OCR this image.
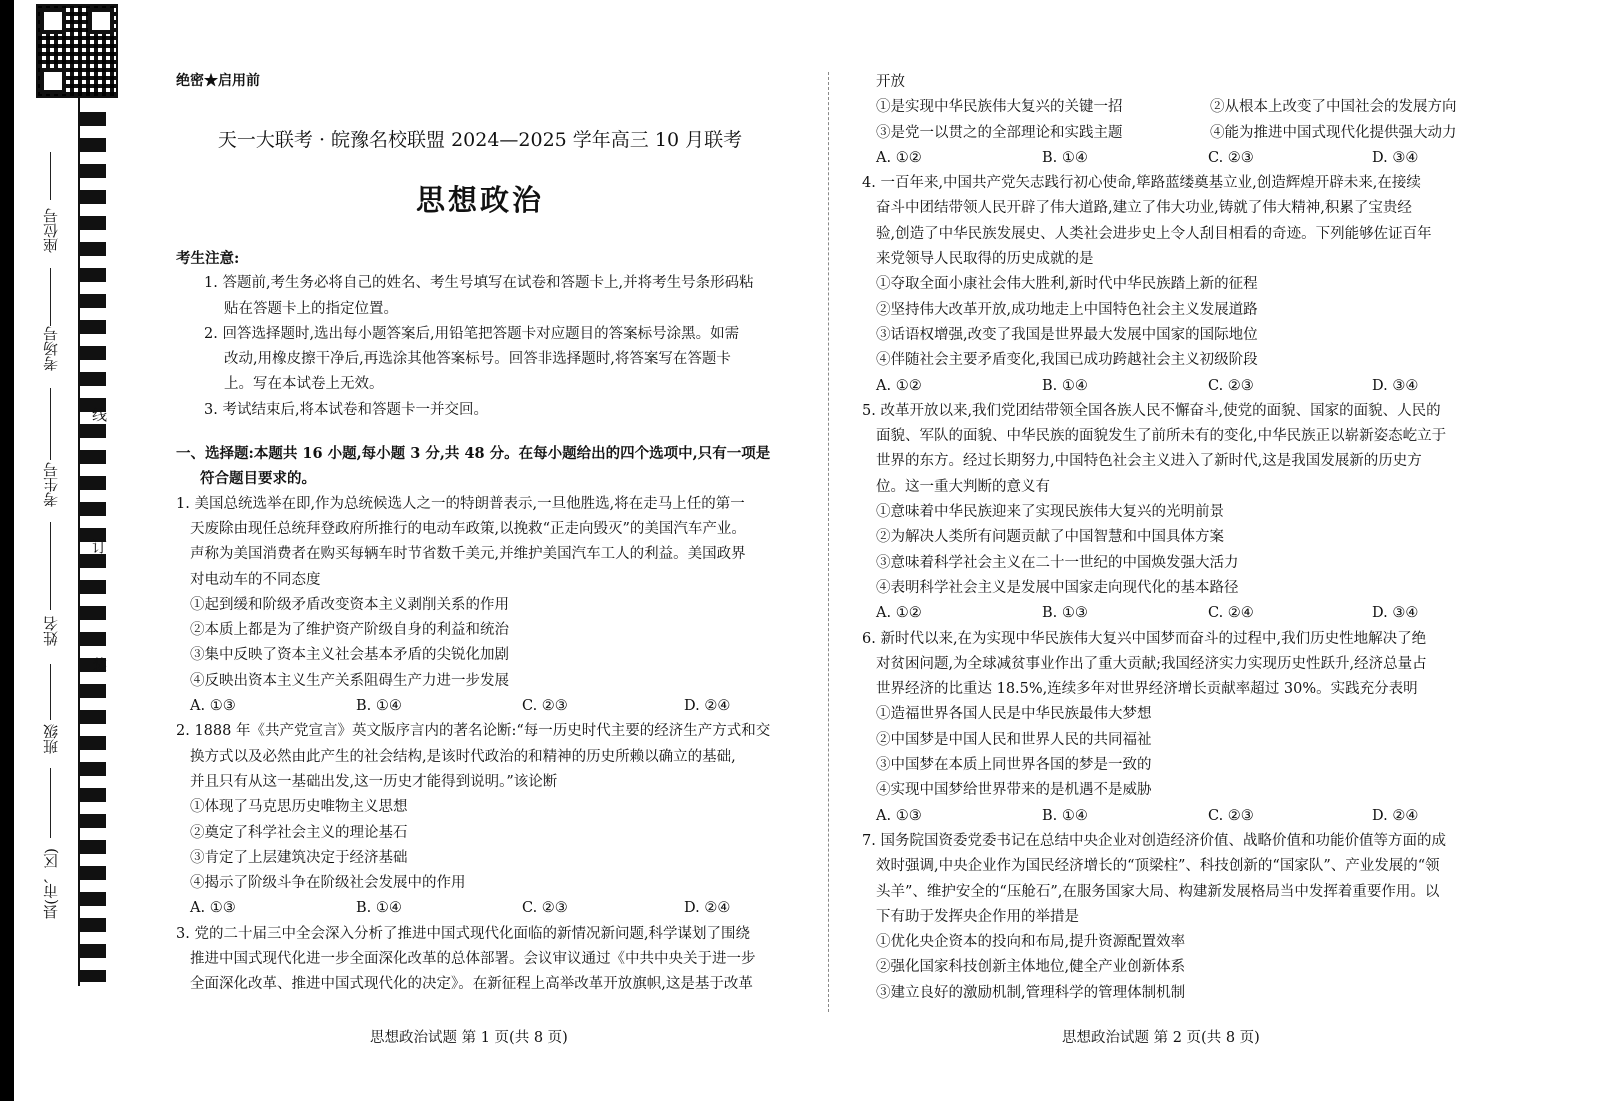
座位号
考场号
考生号
姓名
班级
县(市、区)
线
订
装
绝密★启用前
天一大联考 · 皖豫名校联盟 2024—2025 学年高三 10 月联考
思想政治

考生注意:

1. 答题前,考生务必将自己的姓名、考生号填写在试卷和答题卡上,并将考生号条形码粘

贴在答题卡上的指定位置。

2. 回答选择题时,选出每小题答案后,用铅笔把答题卡对应题目的答案标号涂黑。如需

改动,用橡皮擦干净后,再选涂其他答案标号。回答非选择题时,将答案写在答题卡

上。写在本试卷上无效。

3. 考试结束后,将本试卷和答题卡一并交回。

一、选择题:本题共 16 小题,每小题 3 分,共 48 分。在每小题给出的四个选项中,只有一项是

符合题目要求的。

1. 美国总统选举在即,作为总统候选人之一的特朗普表示,一旦他胜选,将在走马上任的第一

天废除由现任总统拜登政府所推行的电动车政策,以挽救“正走向毁灭”的美国汽车产业。

声称为美国消费者在购买每辆车时节省数千美元,并维护美国汽车工人的利益。美国政界

对电动车的不同态度

①起到缓和阶级矛盾改变资本主义剥削关系的作用

②本质上都是为了维护资产阶级自身的利益和统治

③集中反映了资本主义社会基本矛盾的尖锐化加剧

④反映出资本主义生产关系阻碍生产力进一步发展

A. ①③	B. ①④	C. ②③	D. ②④

2. 1888 年《共产党宣言》英文版序言内的著名论断:“每一历史时代主要的经济生产方式和交

换方式以及必然由此产生的社会结构,是该时代政治的和精神的历史所赖以确立的基础,

并且只有从这一基础出发,这一历史才能得到说明。”该论断

①体现了马克思历史唯物主义思想

②奠定了科学社会主义的理论基石

③肯定了上层建筑决定于经济基础

④揭示了阶级斗争在阶级社会发展中的作用

A. ①③	B. ①④	C. ②③	D. ②④

3. 党的二十届三中全会深入分析了推进中国式现代化面临的新情况新问题,科学谋划了围绕

推进中国式现代化进一步全面深化改革的总体部署。会议审议通过《中共中央关于进一步

全面深化改革、推进中国式现代化的决定》。在新征程上高举改革开放旗帜,这是基于改革

开放

①是实现中华民族伟大复兴的关键一招	②从根本上改变了中国社会的发展方向

③是党一以贯之的全部理论和实践主题	④能为推进中国式现代化提供强大动力

A. ①②	B. ①④	C. ②③	D. ③④

4. 一百年来,中国共产党矢志践行初心使命,筚路蓝缕奠基立业,创造辉煌开辟未来,在接续

奋斗中团结带领人民开辟了伟大道路,建立了伟大功业,铸就了伟大精神,积累了宝贵经

验,创造了中华民族发展史、人类社会进步史上令人刮目相看的奇迹。下列能够佐证百年

来党领导人民取得的历史成就的是

①夺取全面小康社会伟大胜利,新时代中华民族踏上新的征程

②坚持伟大改革开放,成功地走上中国特色社会主义发展道路

③话语权增强,改变了我国是世界最大发展中国家的国际地位

④伴随社会主要矛盾变化,我国已成功跨越社会主义初级阶段

A. ①②	B. ①④	C. ②③	D. ③④

5. 改革开放以来,我们党团结带领全国各族人民不懈奋斗,使党的面貌、国家的面貌、人民的

面貌、军队的面貌、中华民族的面貌发生了前所未有的变化,中华民族正以崭新姿态屹立于

世界的东方。经过长期努力,中国特色社会主义进入了新时代,这是我国发展新的历史方

位。这一重大判断的意义有

①意味着中华民族迎来了实现民族伟大复兴的光明前景

②为解决人类所有问题贡献了中国智慧和中国具体方案

③意味着科学社会主义在二十一世纪的中国焕发强大活力

④表明科学社会主义是发展中国家走向现代化的基本路径

A. ①②	B. ①③	C. ②④	D. ③④

6. 新时代以来,在为实现中华民族伟大复兴中国梦而奋斗的过程中,我们历史性地解决了绝

对贫困问题,为全球减贫事业作出了重大贡献;我国经济实力实现历史性跃升,经济总量占

世界经济的比重达 18.5%,连续多年对世界经济增长贡献率超过 30%。实践充分表明

①造福世界各国人民是中华民族最伟大梦想

②中国梦是中国人民和世界人民的共同福祉

③中国梦在本质上同世界各国的梦是一致的

④实现中国梦给世界带来的是机遇不是威胁

A. ①③	B. ①④	C. ②③	D. ②④

7. 国务院国资委党委书记在总结中央企业对创造经济价值、战略价值和功能价值等方面的成

效时强调,中央企业作为国民经济增长的“顶梁柱”、科技创新的“国家队”、产业发展的“领

头羊”、维护安全的“压舱石”,在服务国家大局、构建新发展格局当中发挥着重要作用。以

下有助于发挥央企作用的举措是

①优化央企资本的投向和布局,提升资源配置效率

②强化国家科技创新主体地位,健全产业创新体系

③建立良好的激励机制,管理科学的管理体制机制

思想政治试题 第 1 页(共 8 页)	思想政治试题 第 2 页(共 8 页)
